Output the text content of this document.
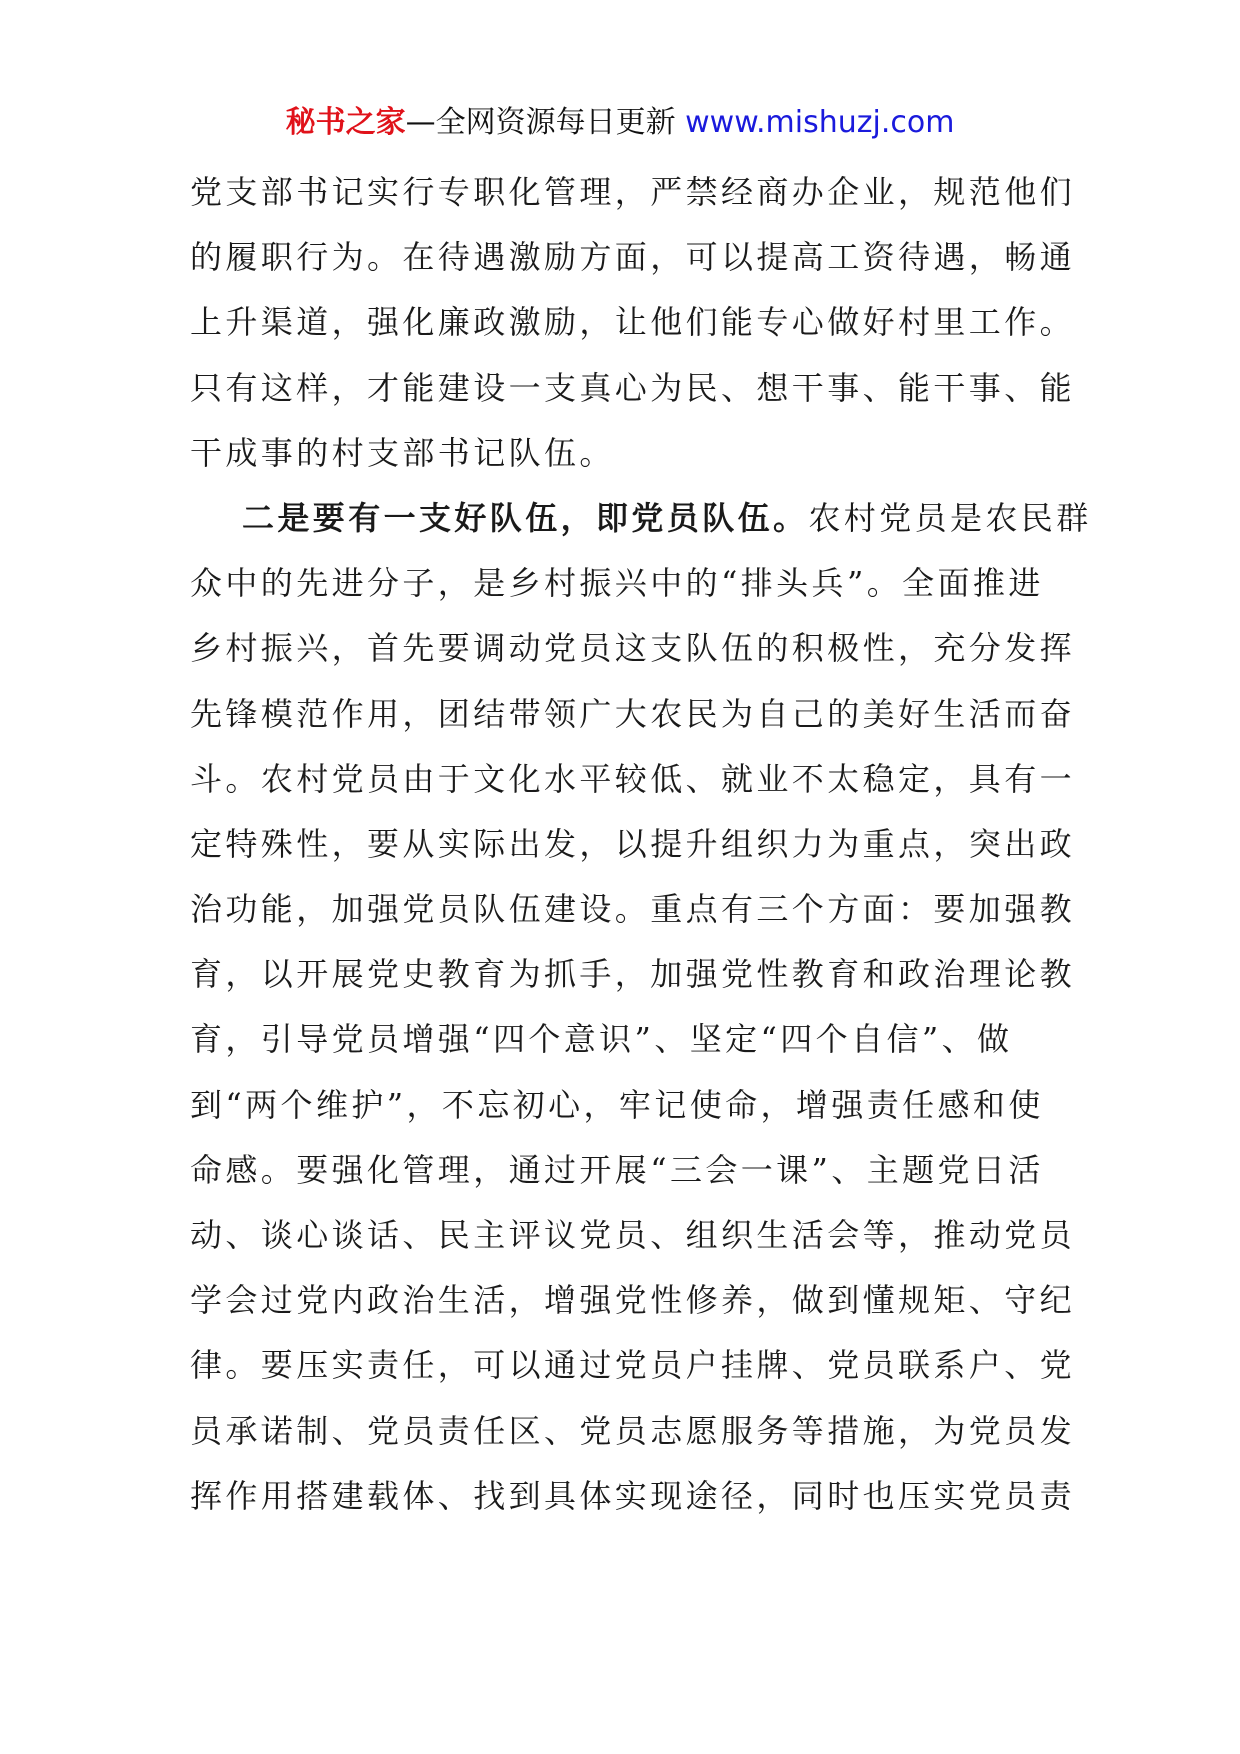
秘书之家—全网资源每日更新 www.mishuzj.com

党支部书记实行专职化管理，严禁经商办企业，规范他们
的履职行为。在待遇激励方面，可以提高工资待遇，畅通
上升渠道，强化廉政激励，让他们能专心做好村里工作。
只有这样，才能建设一支真心为民、想干事、能干事、能
干成事的村支部书记队伍。

二是要有一支好队伍，即党员队伍。农村党员是农民群
众中的先进分子，是乡村振兴中的“排头兵”。全面推进
乡村振兴，首先要调动党员这支队伍的积极性，充分发挥
先锋模范作用，团结带领广大农民为自己的美好生活而奋
斗。农村党员由于文化水平较低、就业不太稳定，具有一
定特殊性，要从实际出发，以提升组织力为重点，突出政
治功能，加强党员队伍建设。重点有三个方面：要加强教
育，以开展党史教育为抓手，加强党性教育和政治理论教
育，引导党员增强“四个意识”、坚定“四个自信”、做
到“两个维护”，不忘初心，牢记使命，增强责任感和使
命感。要强化管理，通过开展“三会一课”、主题党日活
动、谈心谈话、民主评议党员、组织生活会等，推动党员
学会过党内政治生活，增强党性修养，做到懂规矩、守纪
律。要压实责任，可以通过党员户挂牌、党员联系户、党
员承诺制、党员责任区、党员志愿服务等措施，为党员发
挥作用搭建载体、找到具体实现途径，同时也压实党员责
